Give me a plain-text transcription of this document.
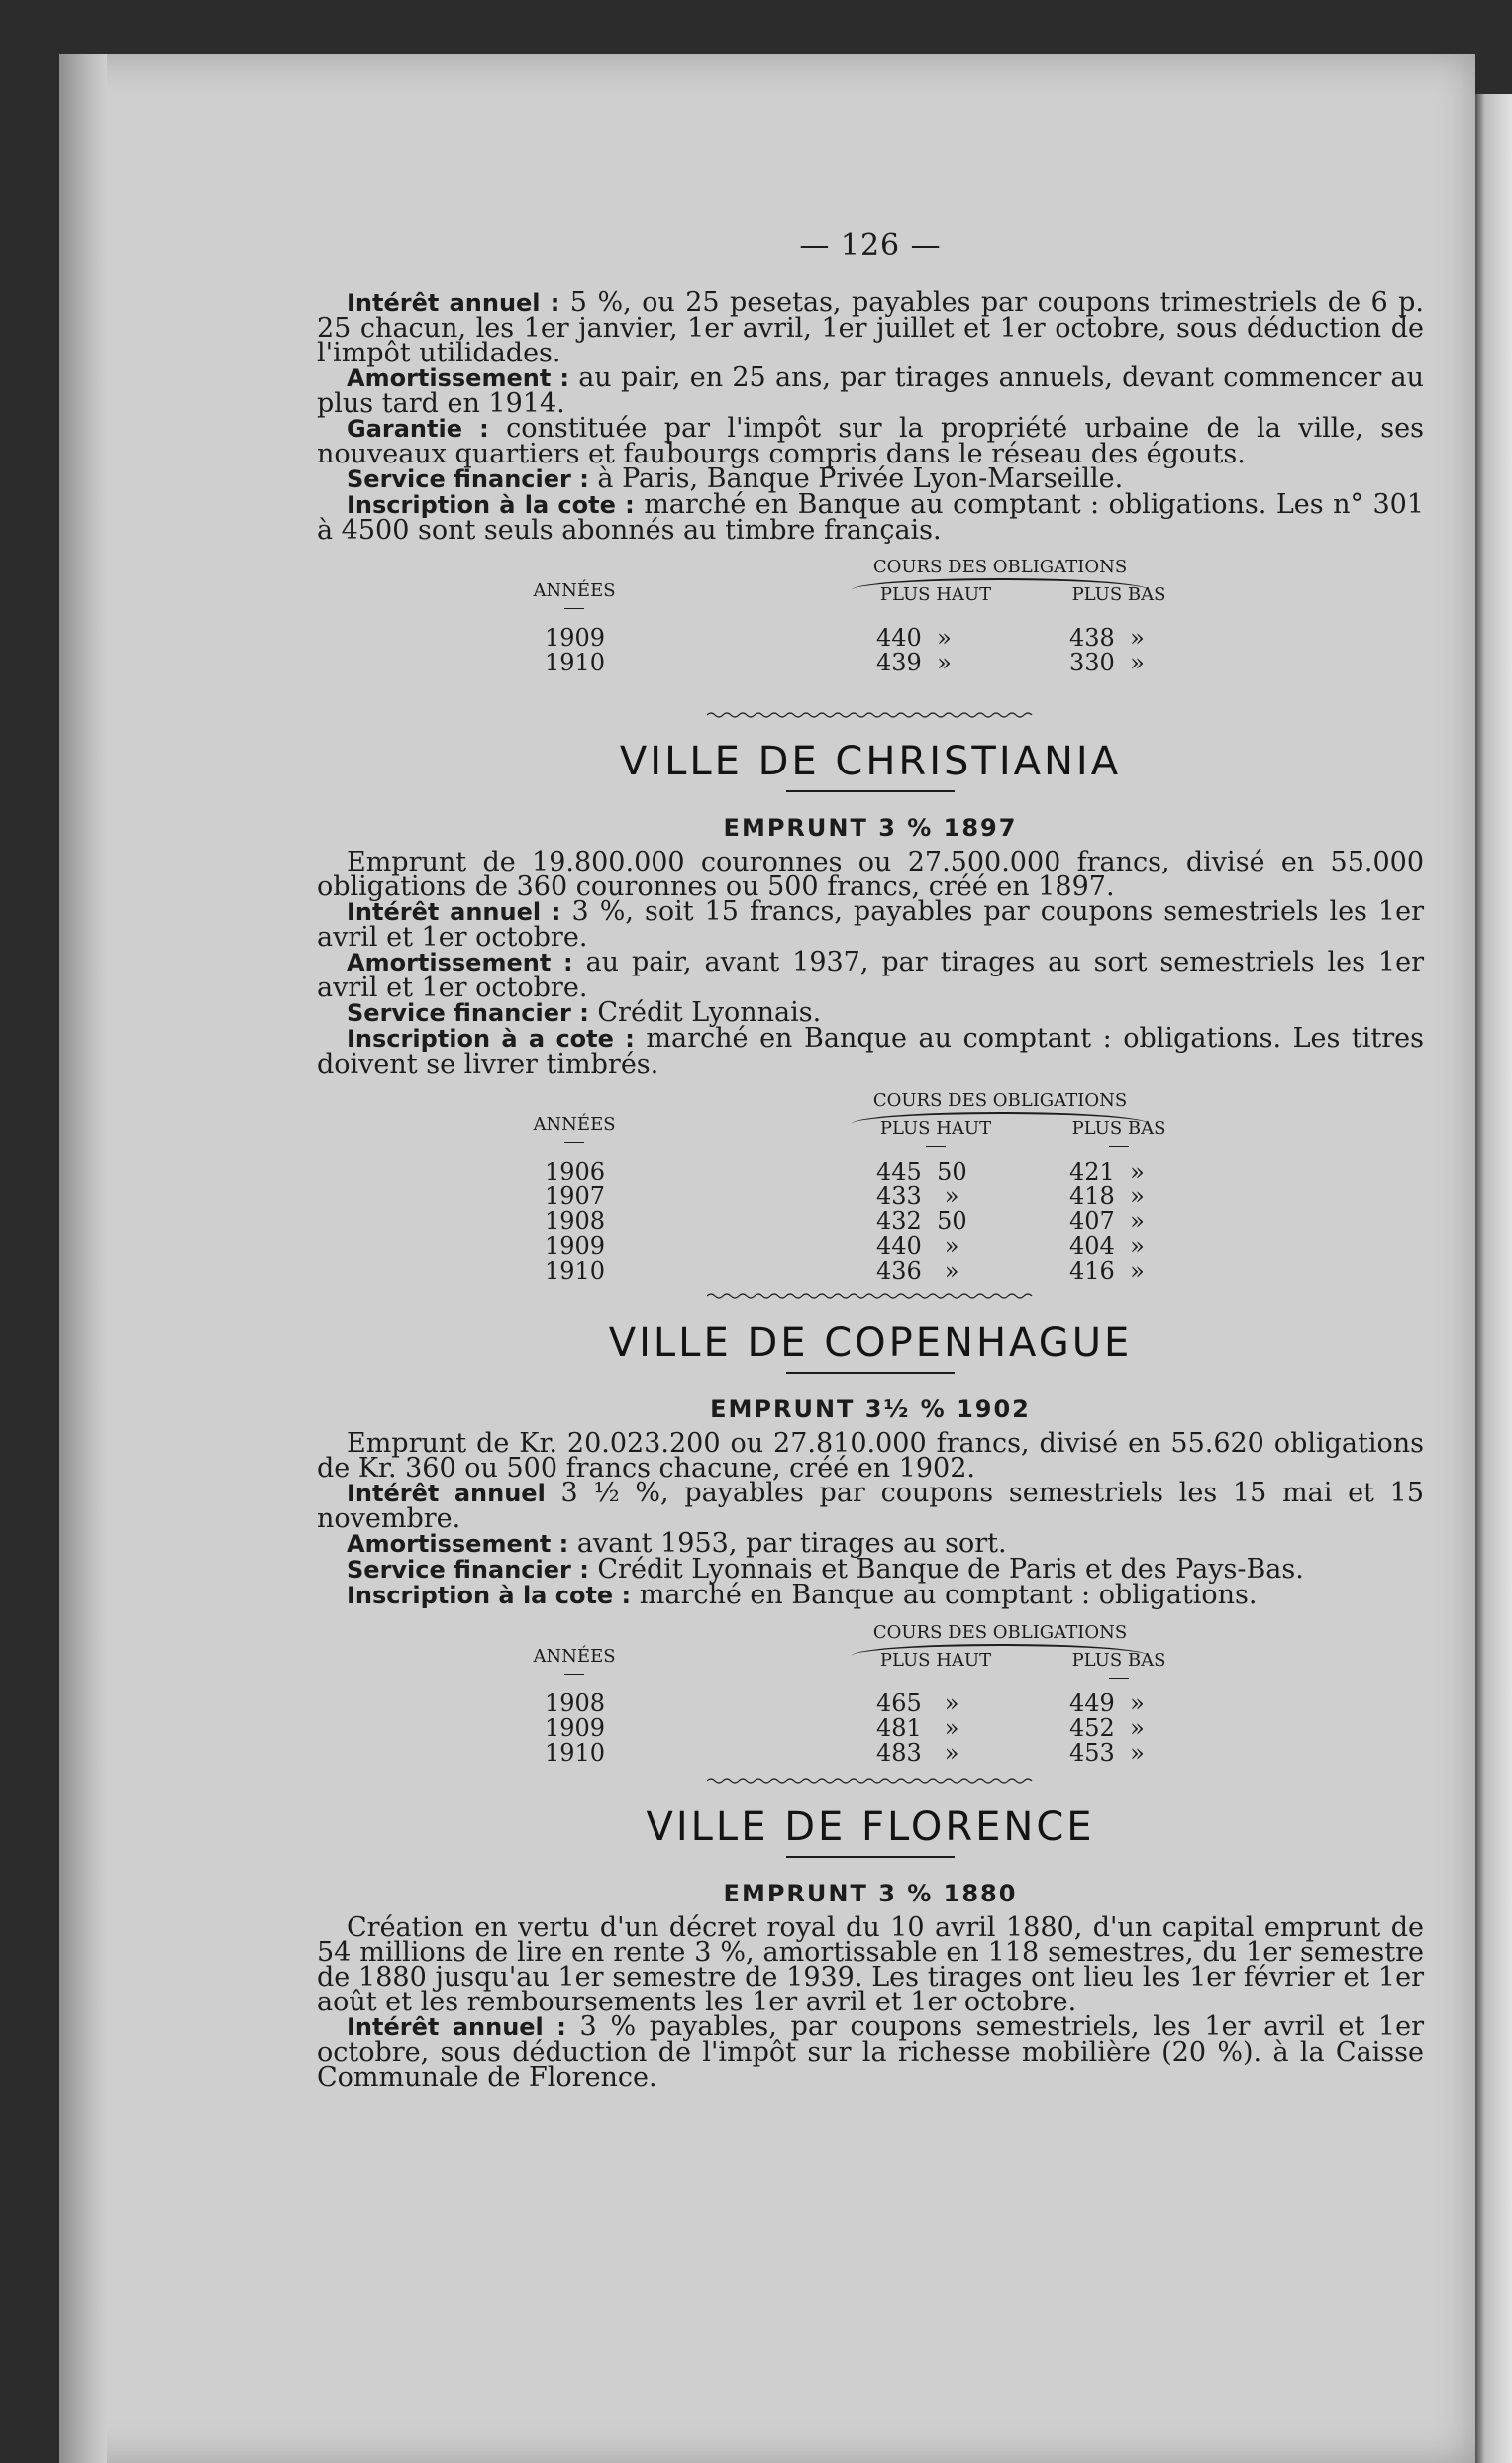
— 126 —

Intérêt annuel : 5 %, ou 25 pesetas, payables par coupons trimestriels de 6 p. 25 chacun, les 1er janvier, 1er avril, 1er juillet et 1er octobre, sous déduction de l'impôt utilidades.

Amortissement : au pair, en 25 ans, par tirages annuels, devant commencer au plus tard en 1914.

Garantie : constituée par l'impôt sur la propriété urbaine de la ville, ses nouveaux quartiers et faubourgs compris dans le réseau des égouts.

Service financier : à Paris, Banque Privée Lyon-Marseille.

Inscription à la cote : marché en Banque au comptant : obligations. Les n° 301 à 4500 sont seuls abonnés au timbre français.

COURS DES OBLIGATIONS
ANNÉES	PLUS HAUT	PLUS BAS
1909	440  »	438  »
1910	439  »	330  »
VILLE DE CHRISTIANIA
EMPRUNT 3 % 1897

Emprunt de 19.800.000 couronnes ou 27.500.000 francs, divisé en 55.000 obligations de 360 couronnes ou 500 francs, créé en 1897.

Intérêt annuel : 3 %, soit 15 francs, payables par coupons semestriels les 1er avril et 1er octobre.

Amortissement : au pair, avant 1937, par tirages au sort semestriels les 1er avril et 1er octobre.

Service financier : Crédit Lyonnais.

Inscription à a cote : marché en Banque au comptant : obligations. Les titres doivent se livrer timbrés.

COURS DES OBLIGATIONS
ANNÉES	PLUS HAUT	PLUS BAS
1906	445  50	421  »
1907	433   »	418  »
1908	432  50	407  »
1909	440   »	404  »
1910	436   »	416  »
VILLE DE COPENHAGUE
EMPRUNT 3½ % 1902

Emprunt de Kr. 20.023.200 ou 27.810.000 francs, divisé en 55.620 obligations de Kr. 360 ou 500 francs chacune, créé en 1902.

Intérêt annuel 3 ½ %, payables par coupons semestriels les 15 mai et 15 novembre.

Amortissement : avant 1953, par tirages au sort.

Service financier : Crédit Lyonnais et Banque de Paris et des Pays-Bas.

Inscription à la cote : marché en Banque au comptant : obligations.

COURS DES OBLIGATIONS
ANNÉES	PLUS HAUT	PLUS BAS
1908	465   »	449  »
1909	481   »	452  »
1910	483   »	453  »
VILLE DE FLORENCE
EMPRUNT 3 % 1880

Création en vertu d'un décret royal du 10 avril 1880, d'un capital emprunt de 54 millions de lire en rente 3 %, amortissable en 118 semestres, du 1er semestre de 1880 jusqu'au 1er semestre de 1939. Les tirages ont lieu les 1er février et 1er août et les remboursements les 1er avril et 1er octobre.

Intérêt annuel : 3 % payables, par coupons semestriels, les 1er avril et 1er octobre, sous déduction de l'impôt sur la richesse mobilière (20 %). à la Caisse Communale de Florence.
